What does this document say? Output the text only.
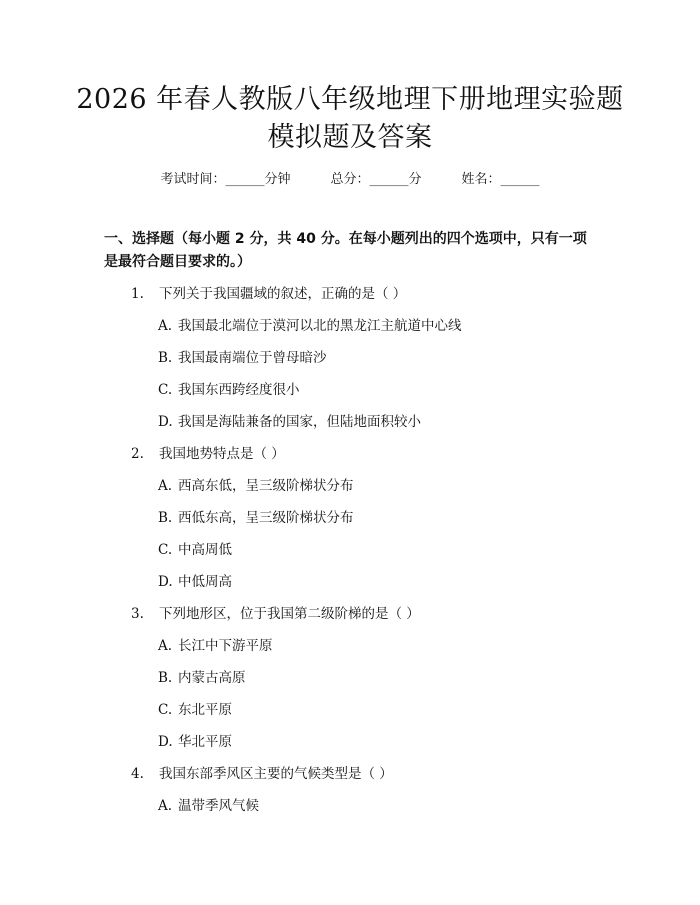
2026 年春人教版八年级地理下册地理实验题
模拟题及答案
考试时间：______分钟	总分：______分	姓名：______
一、选择题（每小题 2 分，共 40 分。在每小题列出的四个选项中，只有一项是最符合题目要求的。）
1. 下列关于我国疆域的叙述，正确的是（ ）
A. 我国最北端位于漠河以北的黑龙江主航道中心线
B. 我国最南端位于曾母暗沙
C. 我国东西跨经度很小
D. 我国是海陆兼备的国家，但陆地面积较小
2. 我国地势特点是（ ）
A. 西高东低，呈三级阶梯状分布
B. 西低东高，呈三级阶梯状分布
C. 中高周低
D. 中低周高
3. 下列地形区，位于我国第二级阶梯的是（ ）
A. 长江中下游平原
B. 内蒙古高原
C. 东北平原
D. 华北平原
4. 我国东部季风区主要的气候类型是（ ）
A. 温带季风气候
